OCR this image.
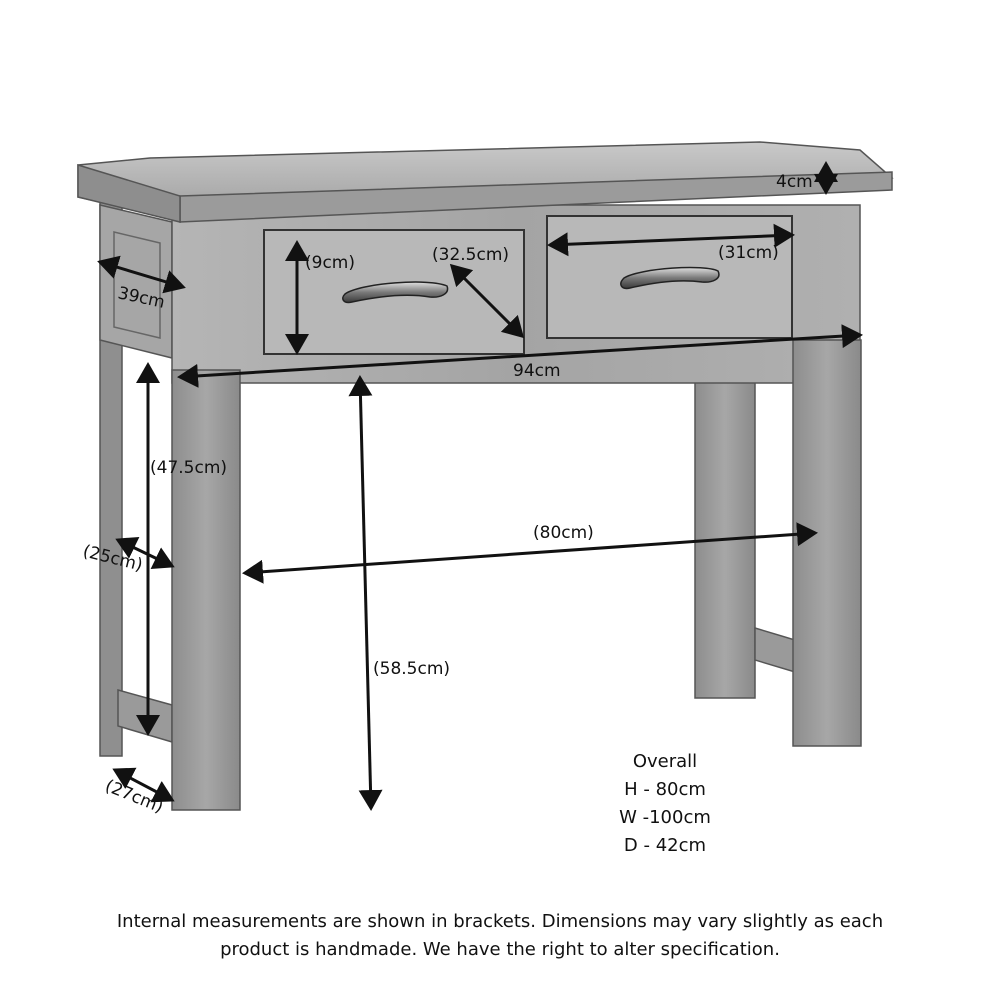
4cm
39cm
(9cm)	(32.5cm)	(31cm)
94cm
(47.5cm)
(25cm)
(80cm)
(58.5cm)
(27cm)
Overall
H - 80cm
W -100cm
D - 42cm
Internal measurements are shown in brackets. Dimensions may vary slightly as each
product is handmade. We have the right to alter specification.
